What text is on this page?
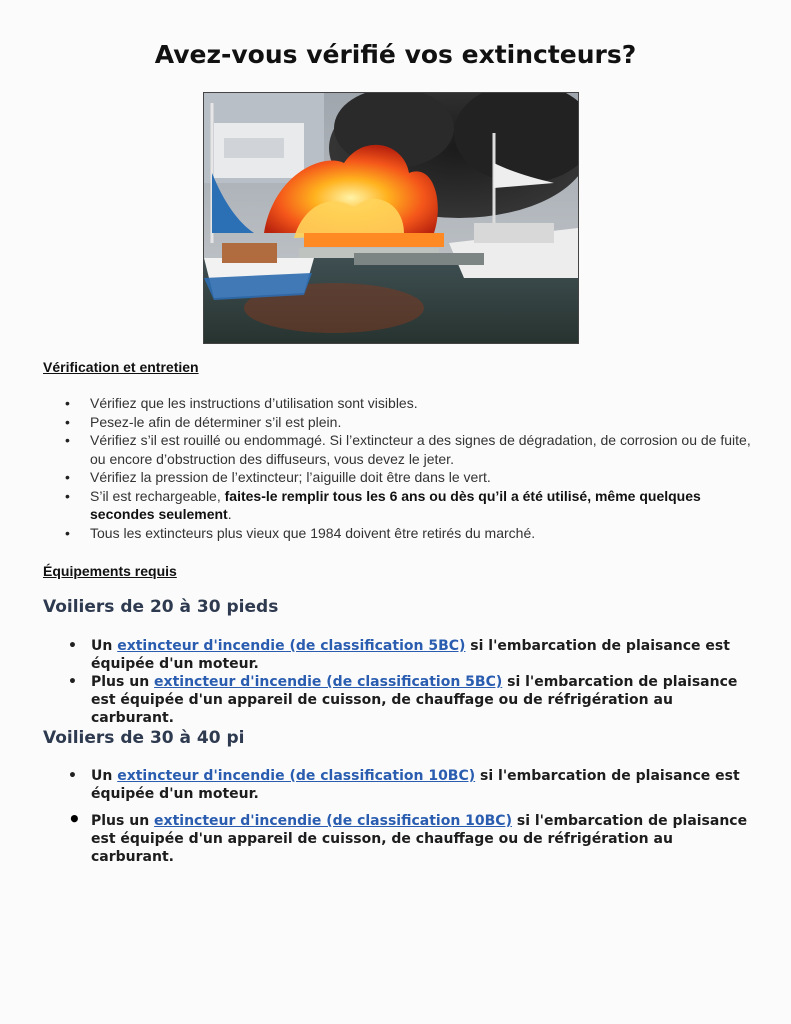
Avez-vous vérifié vos extincteurs?
Vérification et entretien
• Vérifiez que les instructions d’utilisation sont visibles.
• Pesez-le afin de déterminer s’il est plein.
• Vérifiez s’il est rouillé ou endommagé. Si l’extincteur a des signes de dégradation, de corrosion ou de fuite, ou encore d’obstruction des diffuseurs, vous devez le jeter.
• Vérifiez la pression de l’extincteur; l’aiguille doit être dans le vert.
• S’il est rechargeable, faites-le remplir tous les 6 ans ou dès qu’il a été utilisé, même quelques secondes seulement.
• Tous les extincteurs plus vieux que 1984 doivent être retirés du marché.
Équipements requis
Voiliers de 20 à 30 pieds
• Un extincteur d'incendie (de classification 5BC) si l'embarcation de plaisance est équipée d'un moteur.
• Plus un extincteur d'incendie (de classification 5BC) si l'embarcation de plaisance est équipée d'un appareil de cuisson, de chauffage ou de réfrigération au carburant.
Voiliers de 30 à 40 pi
• Un extincteur d'incendie (de classification 10BC) si l'embarcation de plaisance est équipée d'un moteur.
• Plus un extincteur d'incendie (de classification 10BC) si l'embarcation de plaisance est équipée d'un appareil de cuisson, de chauffage ou de réfrigération au carburant.
